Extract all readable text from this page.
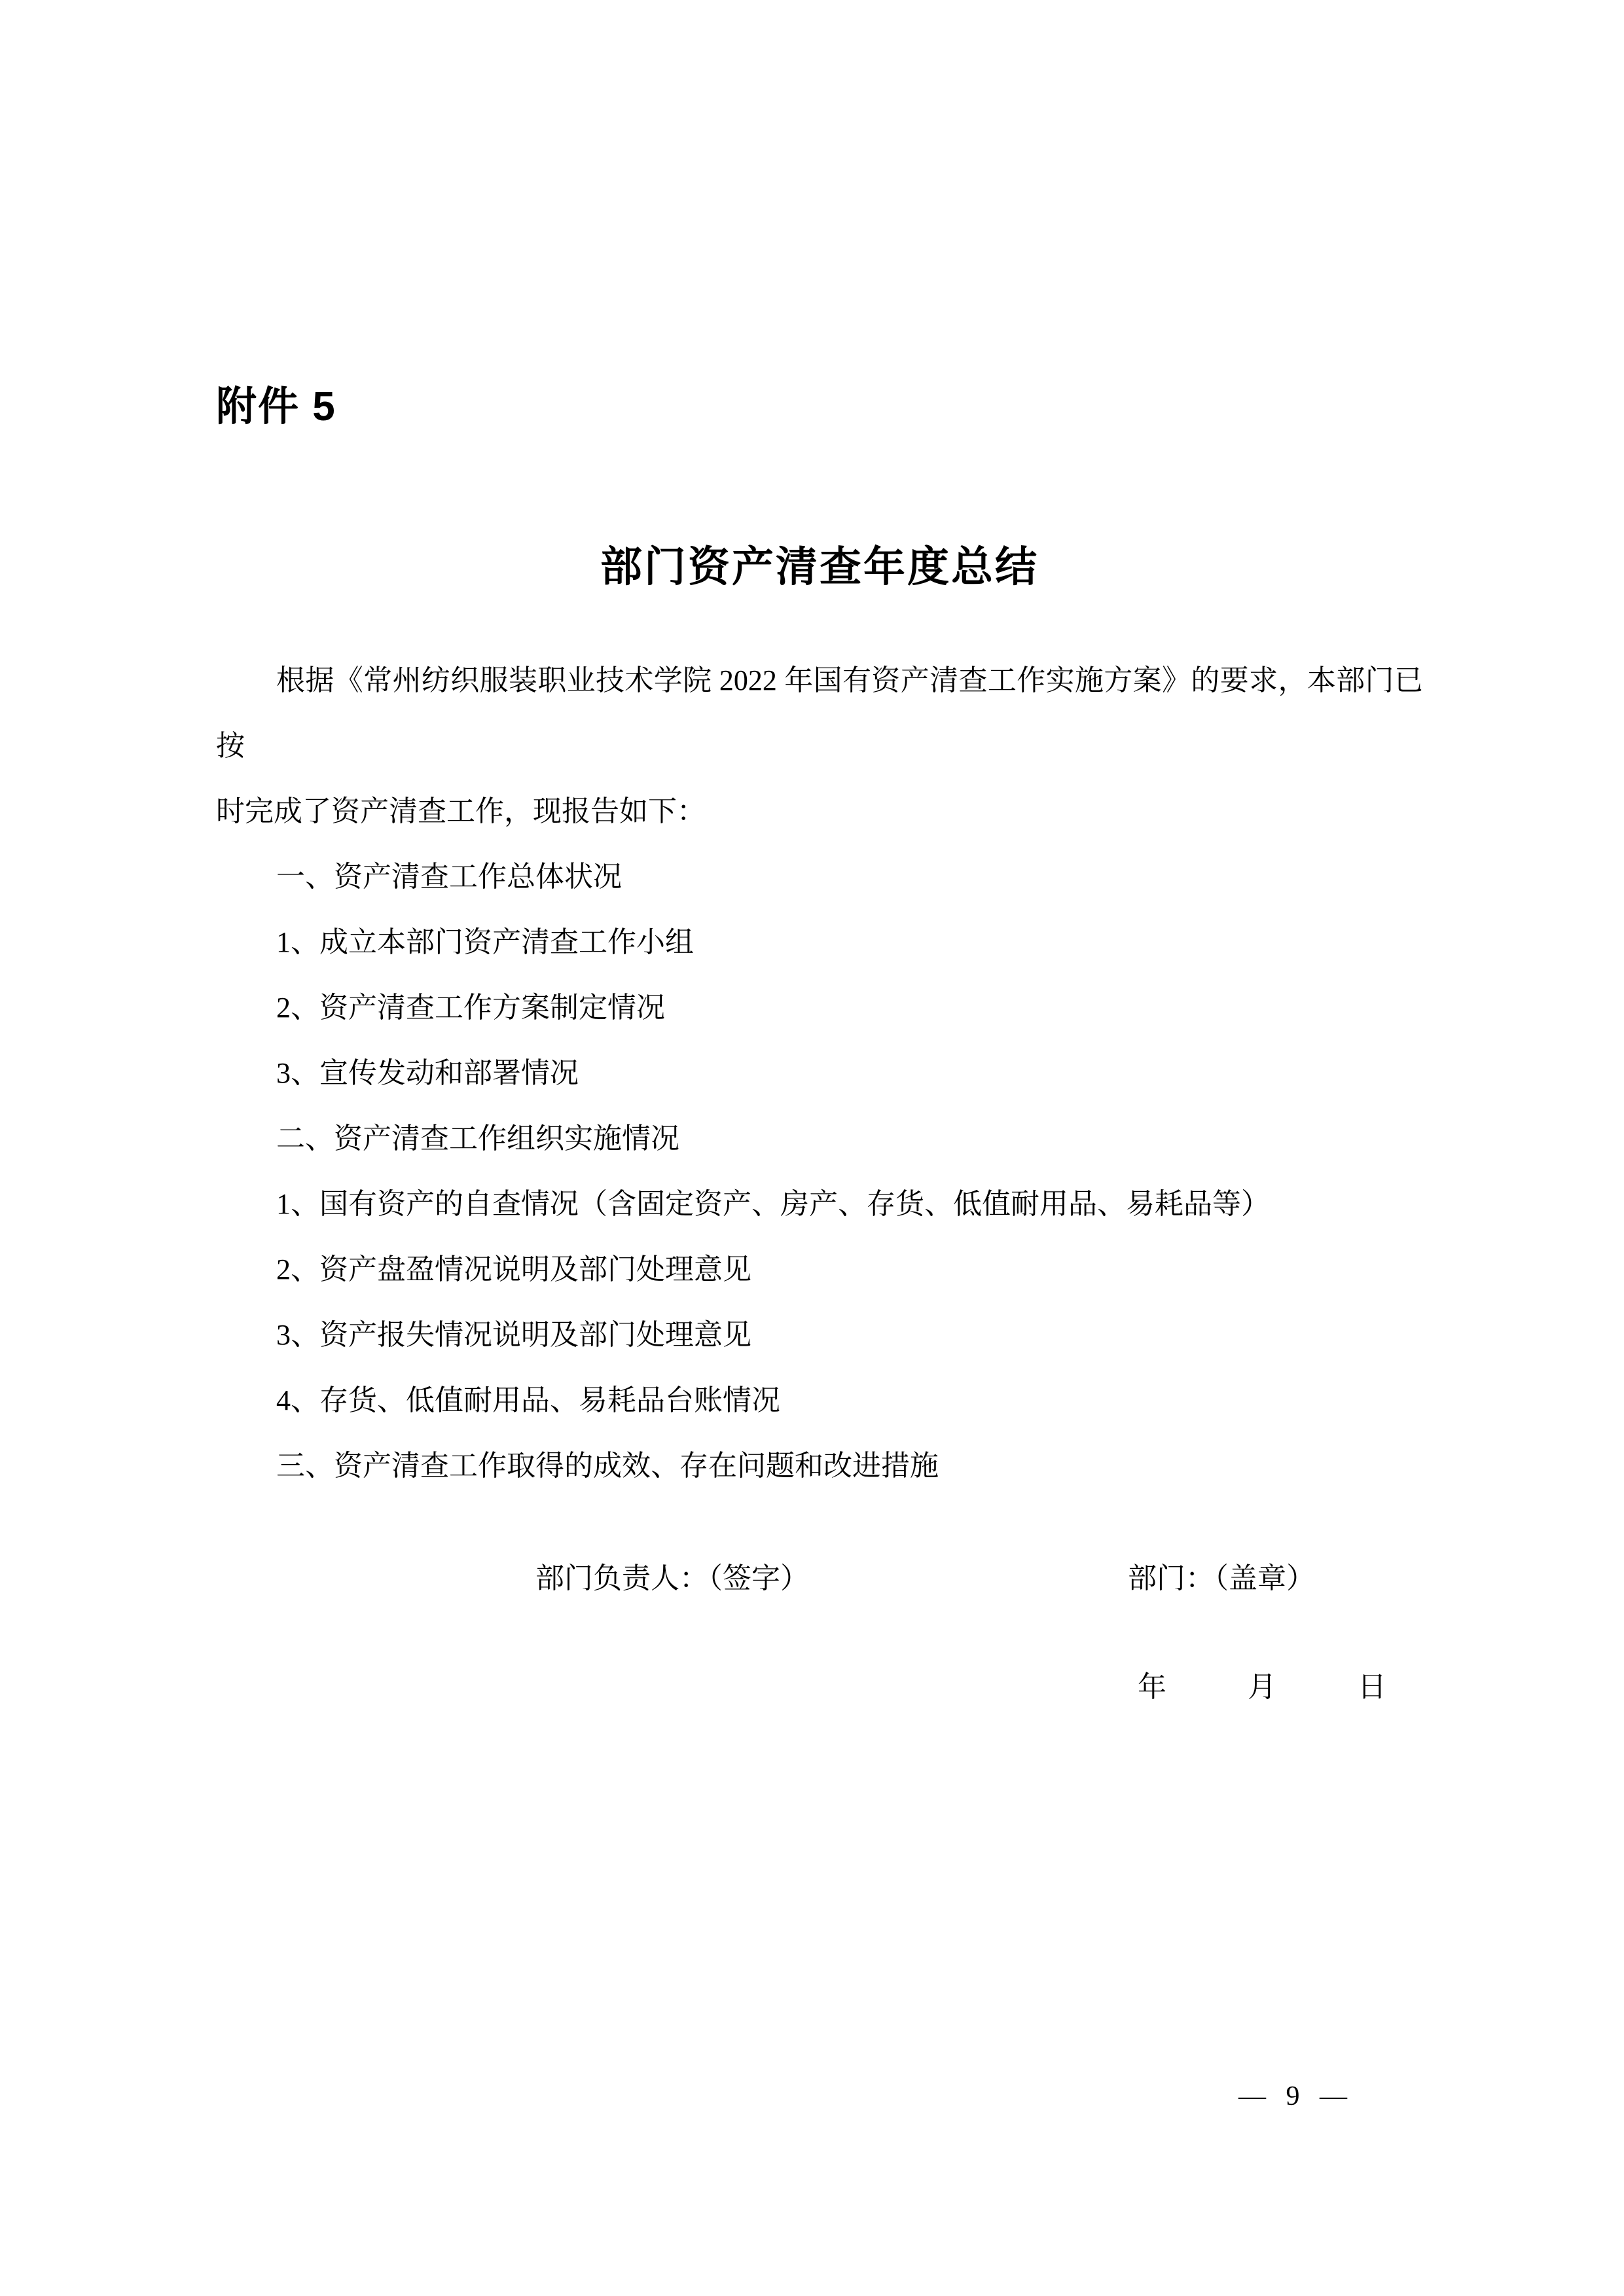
附件 5
部门资产清查年度总结
根据《常州纺织服装职业技术学院 2022 年国有资产清查工作实施方案》的要求，本部门已按
时完成了资产清查工作，现报告如下：
一、资产清查工作总体状况
1、成立本部门资产清查工作小组
2、资产清查工作方案制定情况
3、宣传发动和部署情况
二、资产清查工作组织实施情况
1、国有资产的自查情况（含固定资产、房产、存货、低值耐用品、易耗品等）
2、资产盘盈情况说明及部门处理意见
3、资产报失情况说明及部门处理意见
4、存货、低值耐用品、易耗品台账情况
三、资产清查工作取得的成效、存在问题和改进措施
部门负责人：（签字）	部门：（盖章）
年　　月　　日
— 9 —
